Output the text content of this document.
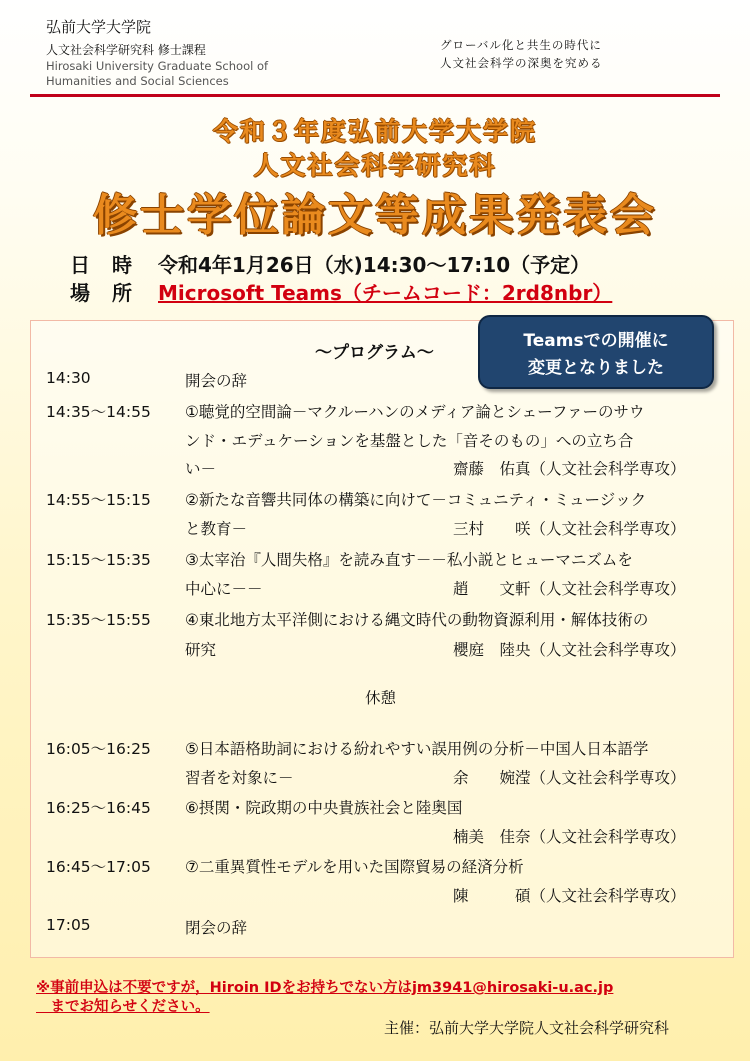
弘前大学大学院
人文社会科学研究科 修士課程
Hirosaki University Graduate School of
Humanities and Social Sciences
グローバル化と共生の時代に
人文社会科学の深奥を究める
令和３年度弘前大学大学院
人文社会科学研究科
修士学位論文等成果発表会
日時 令和4年1月26日（水)14:30～17:10（予定）
場所 Microsoft Teams（チームコード：2rd8nbr）
～プログラム～
Teamsでの開催に
変更となりました
14:30	開会の辞
14:35～14:55 ①聴覚的空間論－マクルーハンのメディア論とシェーファーのサウ
ンド・エデュケーションを基盤とした「音そのもの」への立ち合
い－	齋藤　佑真（人文社会科学専攻）
14:55～15:15 ②新たな音響共同体の構築に向けて－コミュニティ・ミュージック
と教育－	三村　　咲（人文社会科学専攻）
15:15～15:35 ③太宰治『人間失格』を読み直す－－私小説とヒューマニズムを
中心に－－	趙　　文軒（人文社会科学専攻）
15:35～15:55 ④東北地方太平洋側における縄文時代の動物資源利用・解体技術の
研究	櫻庭　陸央（人文社会科学専攻）
休憩
16:05～16:25 ⑤日本語格助詞における紛れやすい誤用例の分析－中国人日本語学
習者を対象に－	余　　婉滢（人文社会科学専攻）
16:25～16:45 ⑥摂関・院政期の中央貴族社会と陸奥国
楠美　佳奈（人文社会科学専攻）
16:45～17:05 ⑦二重異質性モデルを用いた国際貿易の経済分析
陳　　　碩（人文社会科学専攻）
17:05	閉会の辞
※事前申込は不要ですが，Hiroin IDをお持ちでない方はjm3941@hirosaki-u.ac.jp
　までお知らせください。
主催：弘前大学大学院人文社会科学研究科
